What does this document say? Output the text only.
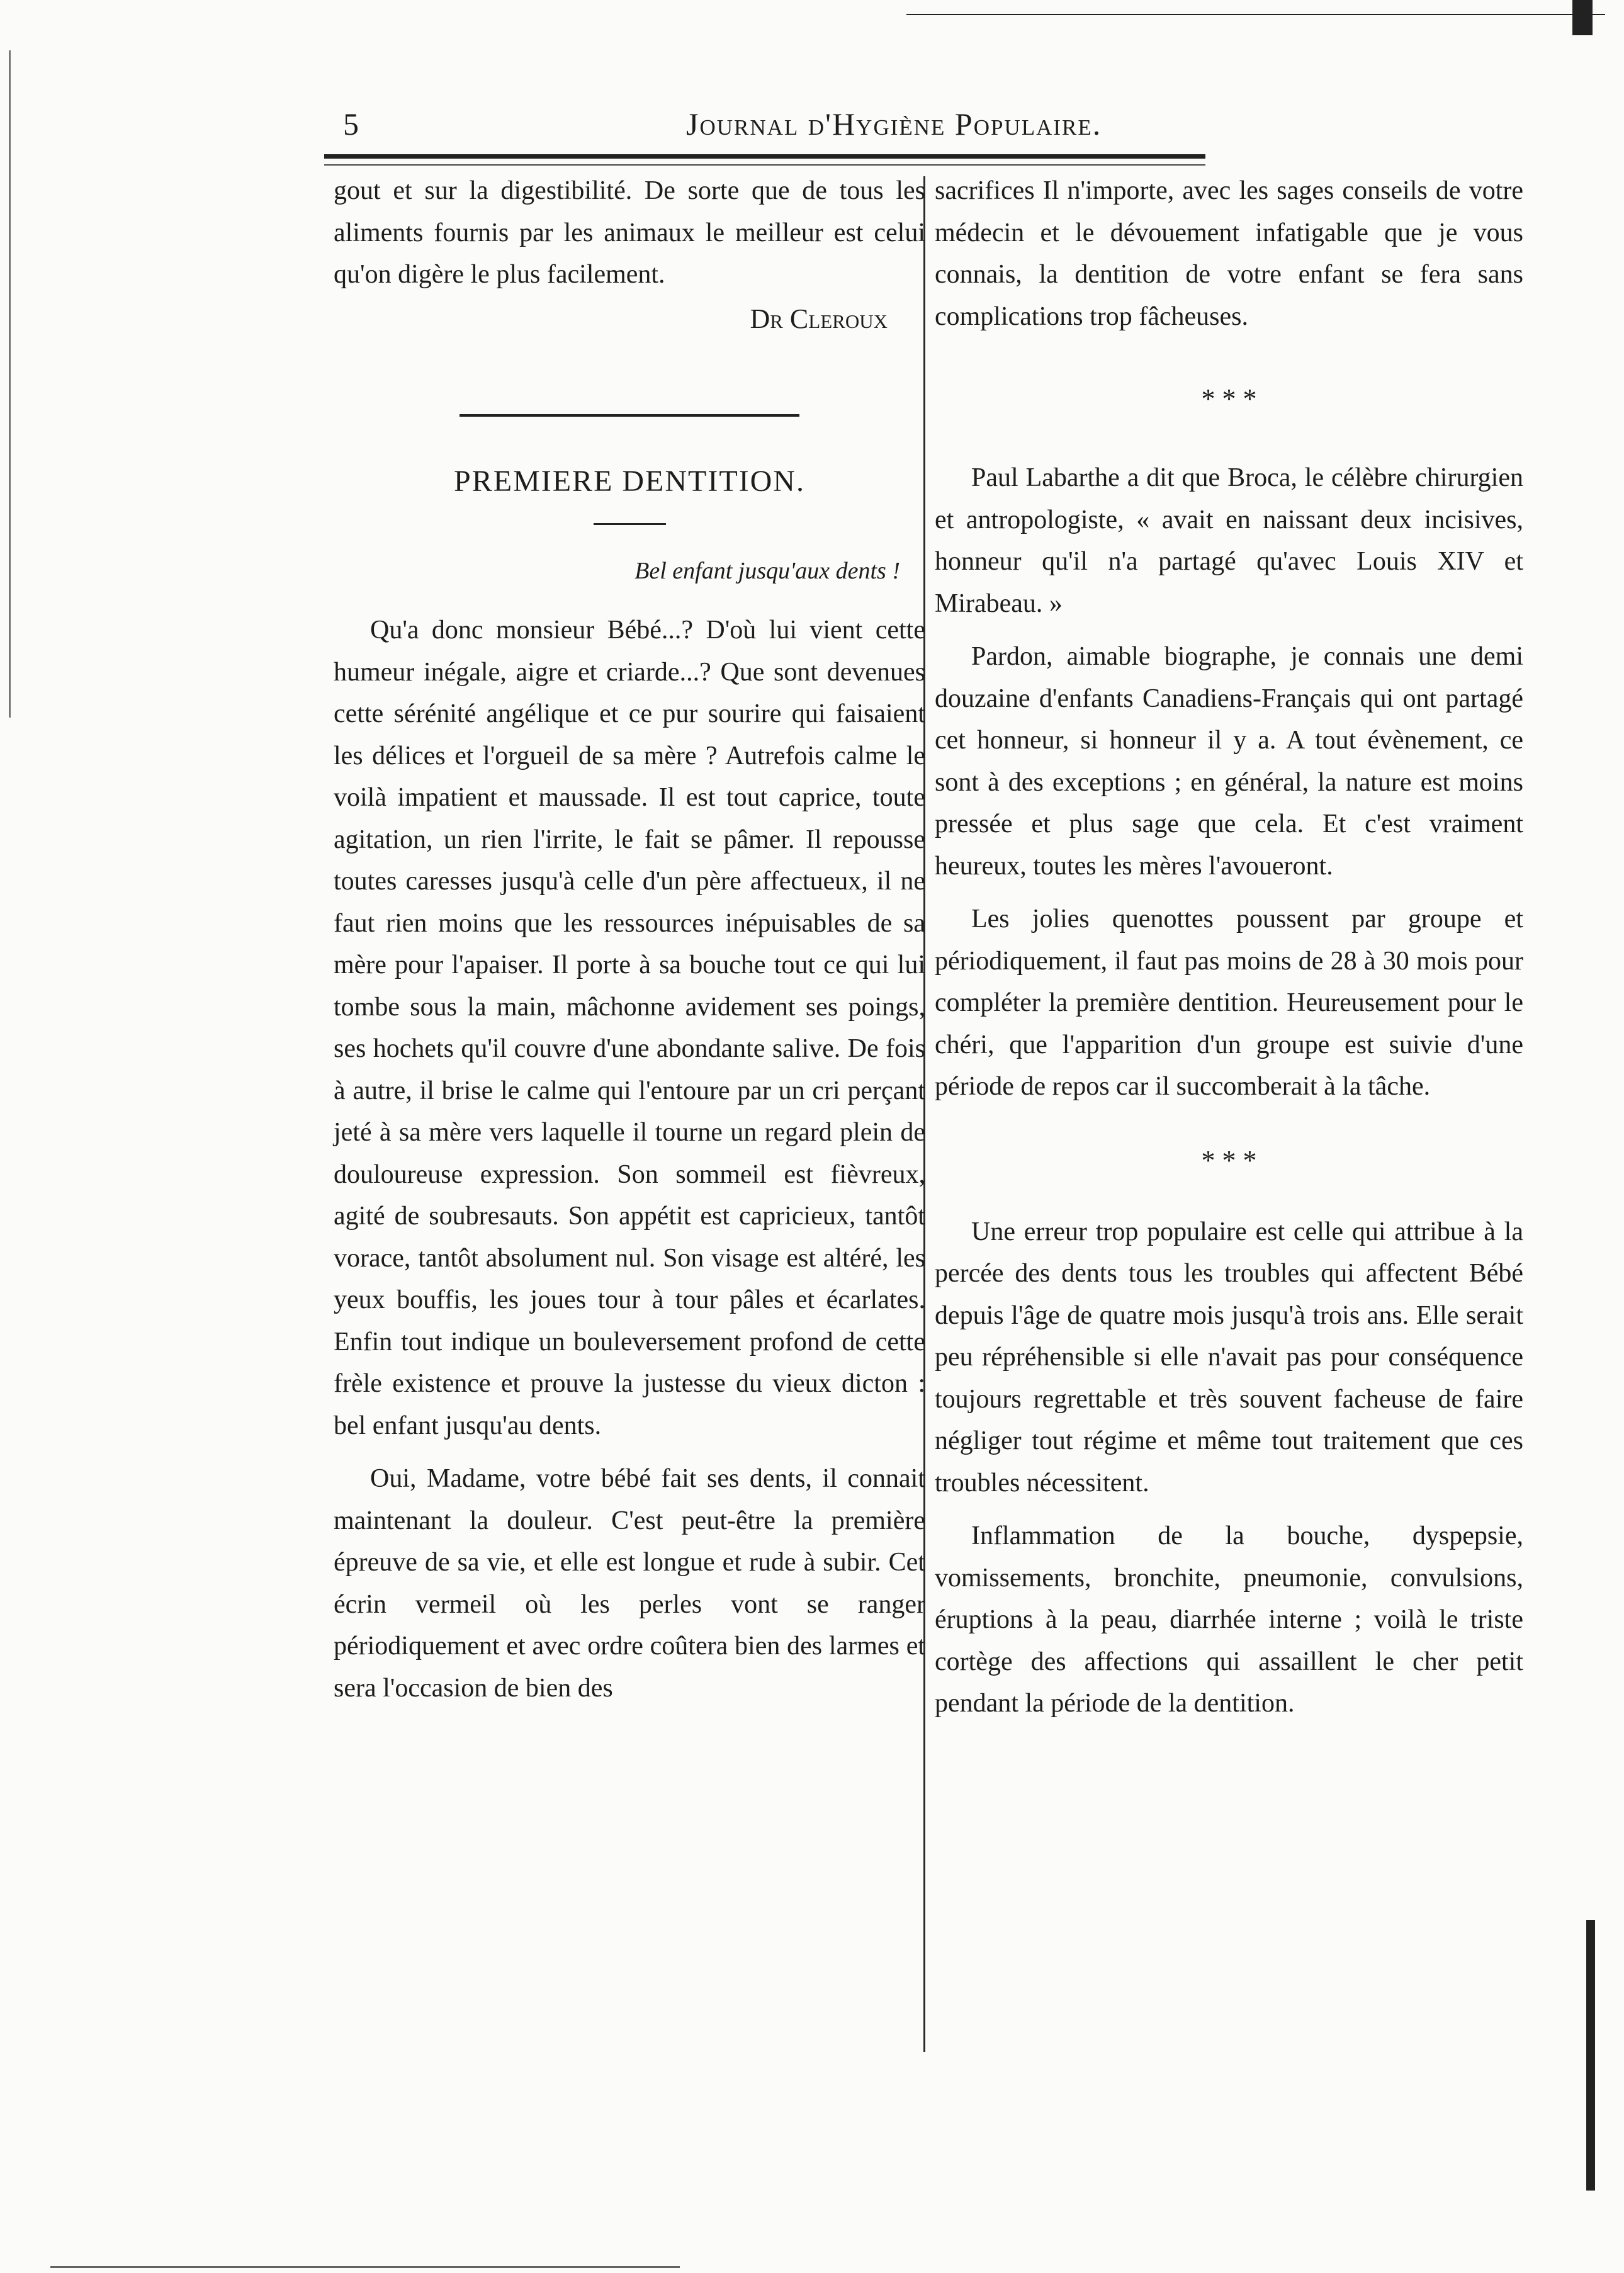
5	Journal d'Hygiène Populaire.

gout et sur la digestibilité. De sorte que de tous les aliments fournis par les animaux le meilleur est celui qu'on digère le plus facilement.

Dr Cleroux

PREMIERE DENTITION.

Bel enfant jusqu'aux dents !

Qu'a donc monsieur Bébé...? D'où lui vient cette humeur inégale, aigre et criarde...? Que sont devenues cette sérénité angélique et ce pur sourire qui faisaient les délices et l'orgueil de sa mère ? Autrefois calme le voilà impatient et maussade. Il est tout caprice, toute agitation, un rien l'irrite, le fait se pâmer. Il repousse toutes caresses jusqu'à celle d'un père affectueux, il ne faut rien moins que les ressources inépuisables de sa mère pour l'apaiser. Il porte à sa bouche tout ce qui lui tombe sous la main, mâchonne avidement ses poings, ses hochets qu'il couvre d'une abondante salive. De fois à autre, il brise le calme qui l'entoure par un cri perçant jeté à sa mère vers laquelle il tourne un regard plein de douloureuse expression. Son sommeil est fièvreux, agité de soubresauts. Son appétit est capricieux, tantôt vorace, tantôt absolument nul. Son visage est altéré, les yeux bouffis, les joues tour à tour pâles et écarlates. Enfin tout indique un bouleversement profond de cette frèle existence et prouve la justesse du vieux dicton : bel enfant jusqu'au dents.

Oui, Madame, votre bébé fait ses dents, il connait maintenant la douleur. C'est peut-être la première épreuve de sa vie, et elle est longue et rude à subir. Cet écrin vermeil où les perles vont se ranger périodiquement et avec ordre coûtera bien des larmes et sera l'occasion de bien des

sacrifices Il n'importe, avec les sages conseils de votre médecin et le dévouement infatigable que je vous connais, la dentition de votre enfant se fera sans complications trop fâcheuses.

* * *

Paul Labarthe a dit que Broca, le célèbre chirurgien et antropologiste, « avait en naissant deux incisives, honneur qu'il n'a partagé qu'avec Louis XIV et Mirabeau. »

Pardon, aimable biographe, je connais une demi douzaine d'enfants Canadiens-Français qui ont partagé cet honneur, si honneur il y a. A tout évènement, ce sont à des exceptions ; en général, la nature est moins pressée et plus sage que cela. Et c'est vraiment heureux, toutes les mères l'avoueront.

Les jolies quenottes poussent par groupe et périodiquement, il faut pas moins de 28 à 30 mois pour compléter la première dentition. Heureusement pour le chéri, que l'apparition d'un groupe est suivie d'une période de repos car il succomberait à la tâche.

* * *

Une erreur trop populaire est celle qui attribue à la percée des dents tous les troubles qui affectent Bébé depuis l'âge de quatre mois jusqu'à trois ans. Elle serait peu répréhensible si elle n'avait pas pour conséquence toujours regrettable et très souvent facheuse de faire négliger tout régime et même tout traitement que ces troubles nécessitent.

Inflammation de la bouche, dyspepsie, vomissements, bronchite, pneumonie, convulsions, éruptions à la peau, diarrhée interne ; voilà le triste cortège des affections qui assaillent le cher petit pendant la période de la dentition.
